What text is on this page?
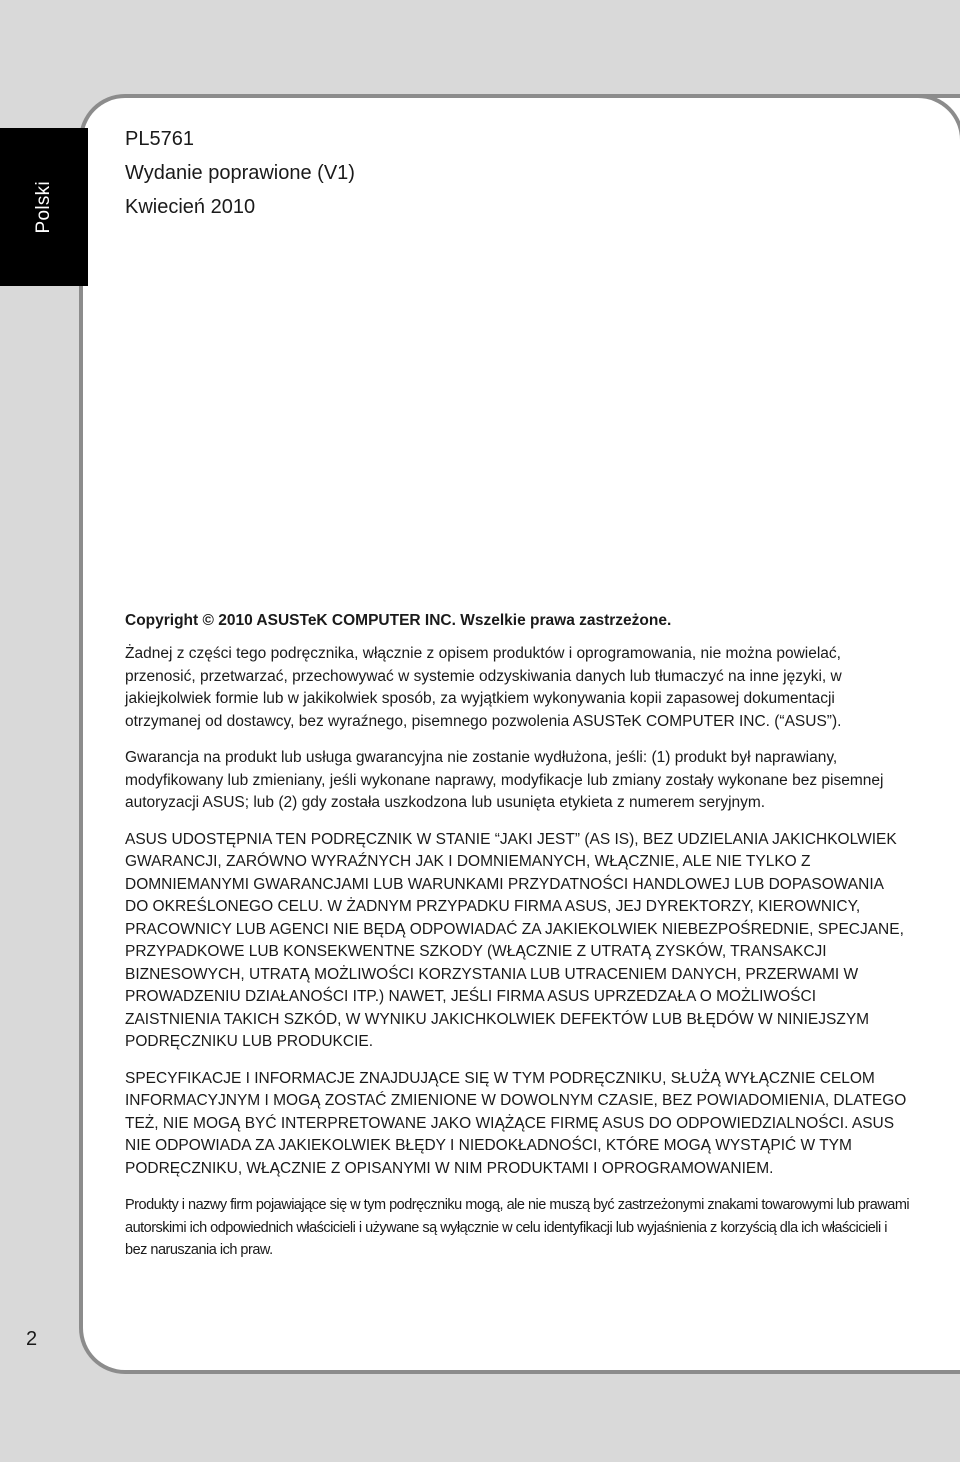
Polski
PL5761
Wydanie poprawione (V1)
Kwiecień 2010

Copyright © 2010 ASUSTeK COMPUTER INC. Wszelkie prawa zastrzeżone.

Żadnej z części tego podręcznika, włącznie z opisem produktów i oprogramowania, nie można powielać, przenosić, przetwarzać, przechowywać w systemie odzyskiwania danych lub tłumaczyć na inne języki, w jakiejkolwiek formie lub w jakikolwiek sposób, za wyjątkiem wykonywania kopii zapasowej dokumentacji otrzymanej od dostawcy, bez wyraźnego, pisemnego pozwolenia ASUSTeK COMPUTER INC. (“ASUS”).

Gwarancja na produkt lub usługa gwarancyjna nie zostanie wydłużona, jeśli: (1) produkt był naprawiany, modyfikowany lub zmieniany, jeśli wykonane naprawy, modyfikacje lub zmiany zostały wykonane bez pisemnej autoryzacji ASUS; lub (2) gdy została uszkodzona lub usunięta etykieta z numerem seryjnym.

ASUS UDOSTĘPNIA TEN PODRĘCZNIK W STANIE “JAKI JEST” (AS IS), BEZ UDZIELANIA JAKICHKOLWIEK GWARANCJI, ZARÓWNO WYRAŹNYCH JAK I DOMNIEMANYCH, WŁĄCZNIE, ALE NIE TYLKO Z DOMNIEMANYMI GWARANCJAMI LUB WARUNKAMI PRZYDATNOŚCI HANDLOWEJ LUB DOPASOWANIA DO OKREŚLONEGO CELU. W ŻADNYM PRZYPADKU FIRMA ASUS, JEJ DYREKTORZY, KIEROWNICY, PRACOWNICY LUB AGENCI NIE BĘDĄ ODPOWIADAĆ ZA JAKIEKOLWIEK NIEBEZPOŚREDNIE, SPECJANE, PRZYPADKOWE LUB KONSEKWENTNE SZKODY (WŁĄCZNIE Z UTRATĄ ZYSKÓW, TRANSAKCJI BIZNESOWYCH, UTRATĄ MOŻLIWOŚCI KORZYSTANIA LUB UTRACENIEM DANYCH, PRZERWAMI W PROWADZENIU DZIAŁANOŚCI ITP.) NAWET, JEŚLI FIRMA ASUS UPRZEDZAŁA O MOŻLIWOŚCI ZAISTNIENIA TAKICH SZKÓD, W WYNIKU JAKICHKOLWIEK DEFEKTÓW LUB BŁĘDÓW W NINIEJSZYM PODRĘCZNIKU LUB PRODUKCIE.

SPECYFIKACJE I INFORMACJE ZNAJDUJĄCE SIĘ W TYM PODRĘCZNIKU, SŁUŻĄ WYŁĄCZNIE CELOM INFORMACYJNYM I MOGĄ ZOSTAĆ ZMIENIONE W DOWOLNYM CZASIE, BEZ POWIADOMIENIA, DLATEGO TEŻ, NIE MOGĄ BYĆ INTERPRETOWANE JAKO WIĄŻĄCE FIRMĘ ASUS DO ODPOWIEDZIALNOŚCI. ASUS NIE ODPOWIADA ZA JAKIEKOLWIEK BŁĘDY I NIEDOKŁADNOŚCI, KTÓRE MOGĄ WYSTĄPIĆ W TYM PODRĘCZNIKU, WŁĄCZNIE Z OPISANYMI W NIM PRODUKTAMI I OPROGRAMOWANIEM.

Produkty i nazwy firm pojawiające się w tym podręczniku mogą, ale nie muszą być zastrzeżonymi znakami towarowymi lub prawami autorskimi ich odpowiednich właścicieli i używane są wyłącznie w celu identyfikacji lub wyjaśnienia z korzyścią dla ich właścicieli i bez naruszania ich praw.

2
